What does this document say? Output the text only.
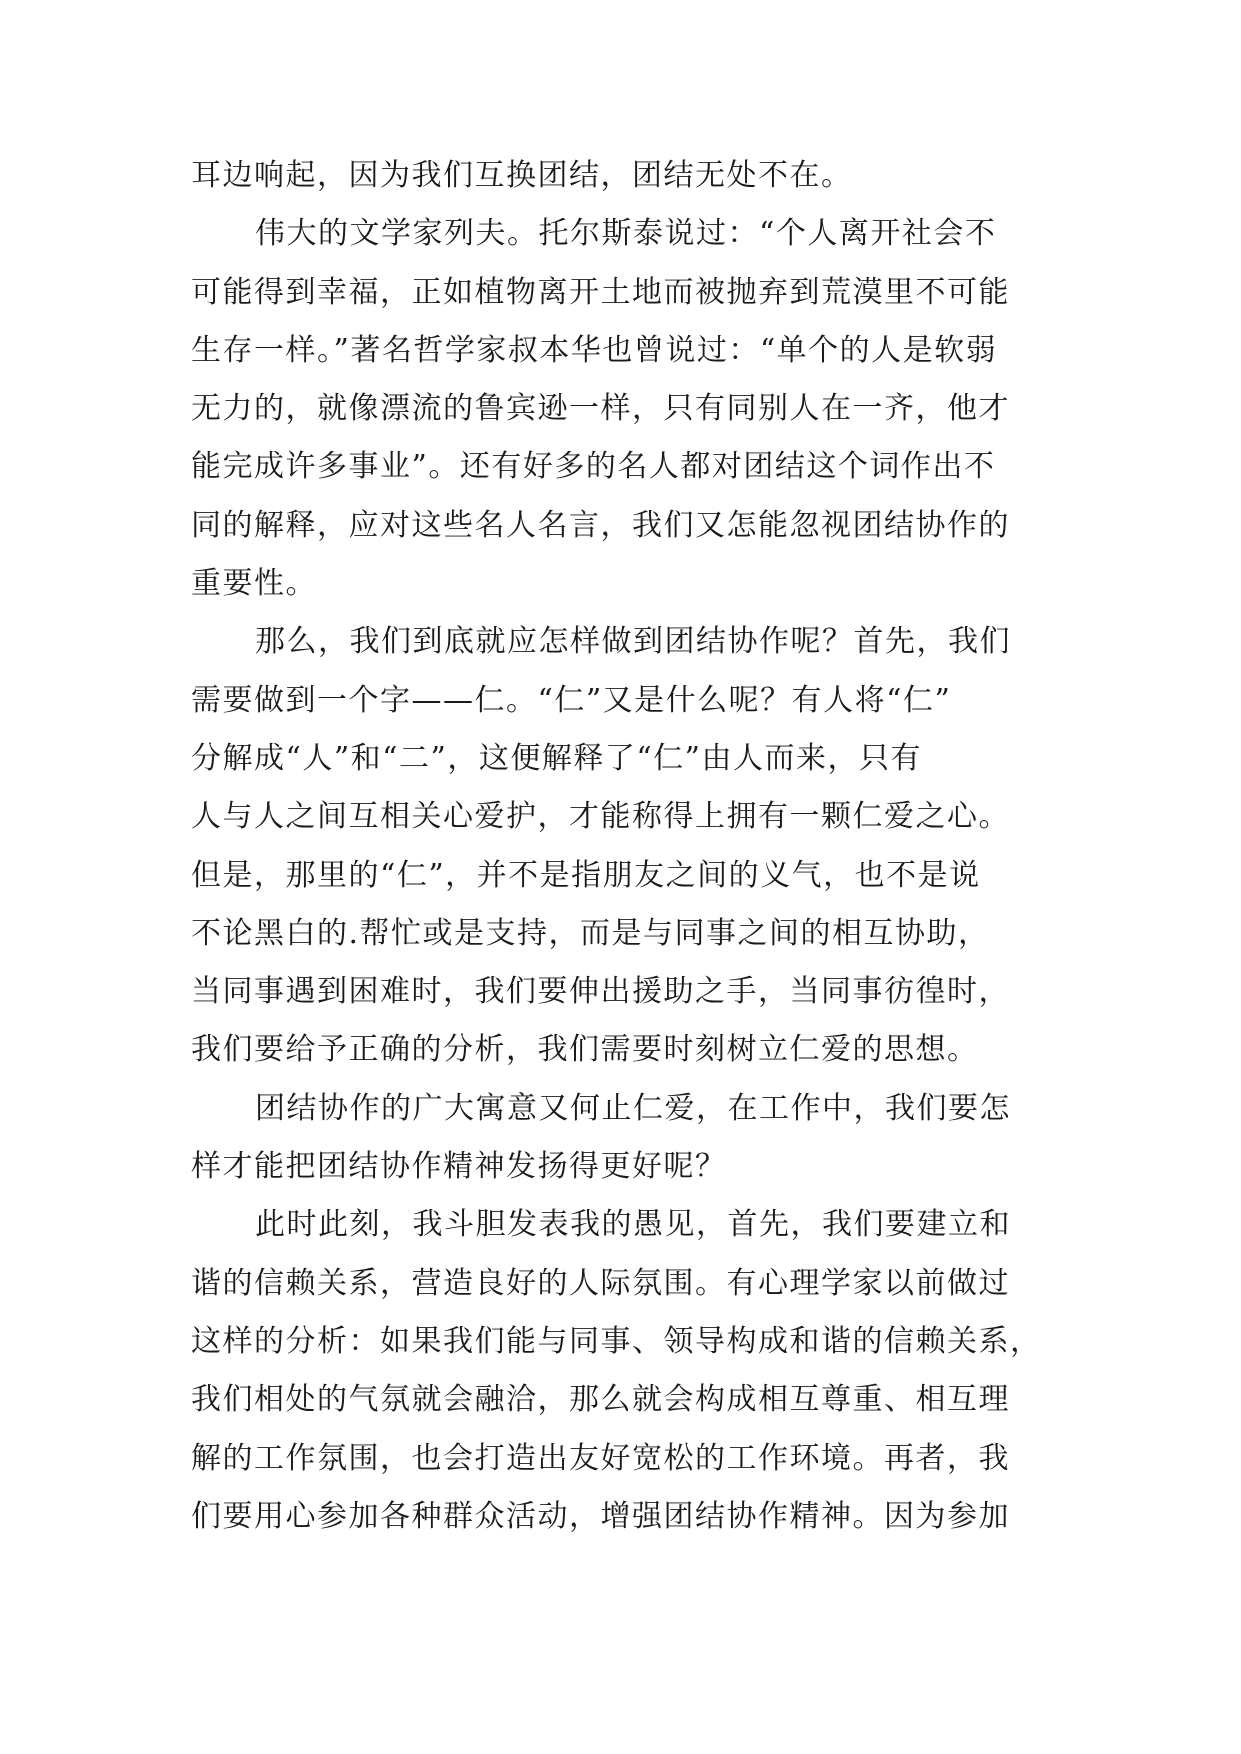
耳边响起，因为我们互换团结，团结无处不在。
伟大的文学家列夫。托尔斯泰说过：“个人离开社会不
可能得到幸福，正如植物离开土地而被抛弃到荒漠里不可能
生存一样。”著名哲学家叔本华也曾说过：“单个的人是软弱
无力的，就像漂流的鲁宾逊一样，只有同别人在一齐，他才
能完成许多事业”。还有好多的名人都对团结这个词作出不
同的解释，应对这些名人名言，我们又怎能忽视团结协作的
重要性。
那么，我们到底就应怎样做到团结协作呢？首先，我们
需要做到一个字——仁。“仁”又是什么呢？有人将“仁”
分解成“人”和“二”，这便解释了“仁”由人而来，只有
人与人之间互相关心爱护，才能称得上拥有一颗仁爱之心。
但是，那里的“仁”，并不是指朋友之间的义气，也不是说
不论黑白的.帮忙或是支持，而是与同事之间的相互协助，
当同事遇到困难时，我们要伸出援助之手，当同事彷徨时，
我们要给予正确的分析，我们需要时刻树立仁爱的思想。
团结协作的广大寓意又何止仁爱，在工作中，我们要怎
样才能把团结协作精神发扬得更好呢？
此时此刻，我斗胆发表我的愚见，首先，我们要建立和
谐的信赖关系，营造良好的人际氛围。有心理学家以前做过
这样的分析：如果我们能与同事、领导构成和谐的信赖关系，
我们相处的气氛就会融洽，那么就会构成相互尊重、相互理
解的工作氛围，也会打造出友好宽松的工作环境。再者，我
们要用心参加各种群众活动，增强团结协作精神。因为参加
